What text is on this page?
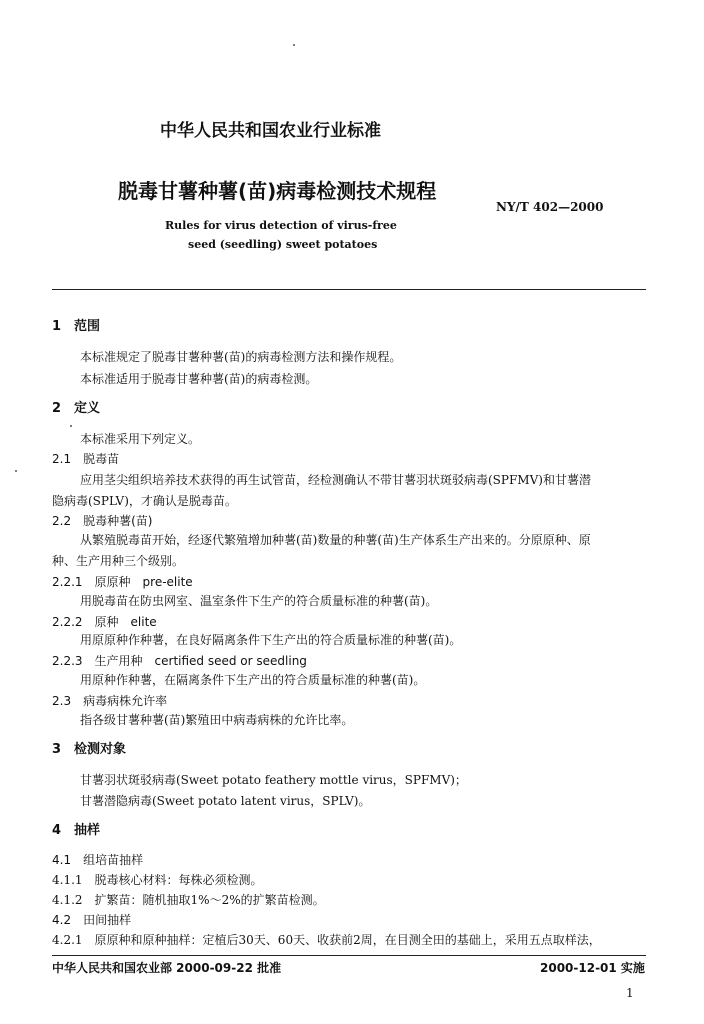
中华人民共和国农业行业标准
脱毒甘薯种薯(苗)病毒检测技术规程
NY/T 402—2000
Rules for virus detection of virus-free
seed (seedling) sweet potatoes
1　范围
本标准规定了脱毒甘薯种薯(苗)的病毒检测方法和操作规程。
本标准适用于脱毒甘薯种薯(苗)的病毒检测。
2　定义
本标准采用下列定义。
2.1　脱毒苗
应用茎尖组织培养技术获得的再生试管苗，经检测确认不带甘薯羽状斑驳病毒(SPFMV)和甘薯潜
隐病毒(SPLV)，才确认是脱毒苗。
2.2　脱毒种薯(苗)
从繁殖脱毒苗开始，经逐代繁殖增加种薯(苗)数量的种薯(苗)生产体系生产出来的。分原原种、原
种、生产用种三个级别。
2.2.1　原原种　pre-elite
用脱毒苗在防虫网室、温室条件下生产的符合质量标准的种薯(苗)。
2.2.2　原种　elite
用原原种作种薯，在良好隔离条件下生产出的符合质量标准的种薯(苗)。
2.2.3　生产用种　certified seed or seedling
用原种作种薯，在隔离条件下生产出的符合质量标准的种薯(苗)。
2.3　病毒病株允许率
指各级甘薯种薯(苗)繁殖田中病毒病株的允许比率。
3　检测对象
甘薯羽状斑驳病毒(Sweet potato feathery mottle virus，SPFMV)；
甘薯潜隐病毒(Sweet potato latent virus，SPLV)。
4　抽样
4.1　组培苗抽样
4.1.1　脱毒核心材料：每株必须检测。
4.1.2　扩繁苗：随机抽取1%～2%的扩繁苗检测。
4.2　田间抽样
4.2.1　原原种和原种抽样：定植后30天、60天、收获前2周，在目测全田的基础上，采用五点取样法，
中华人民共和国农业部 2000-09-22 批准	2000-12-01 实施
1
